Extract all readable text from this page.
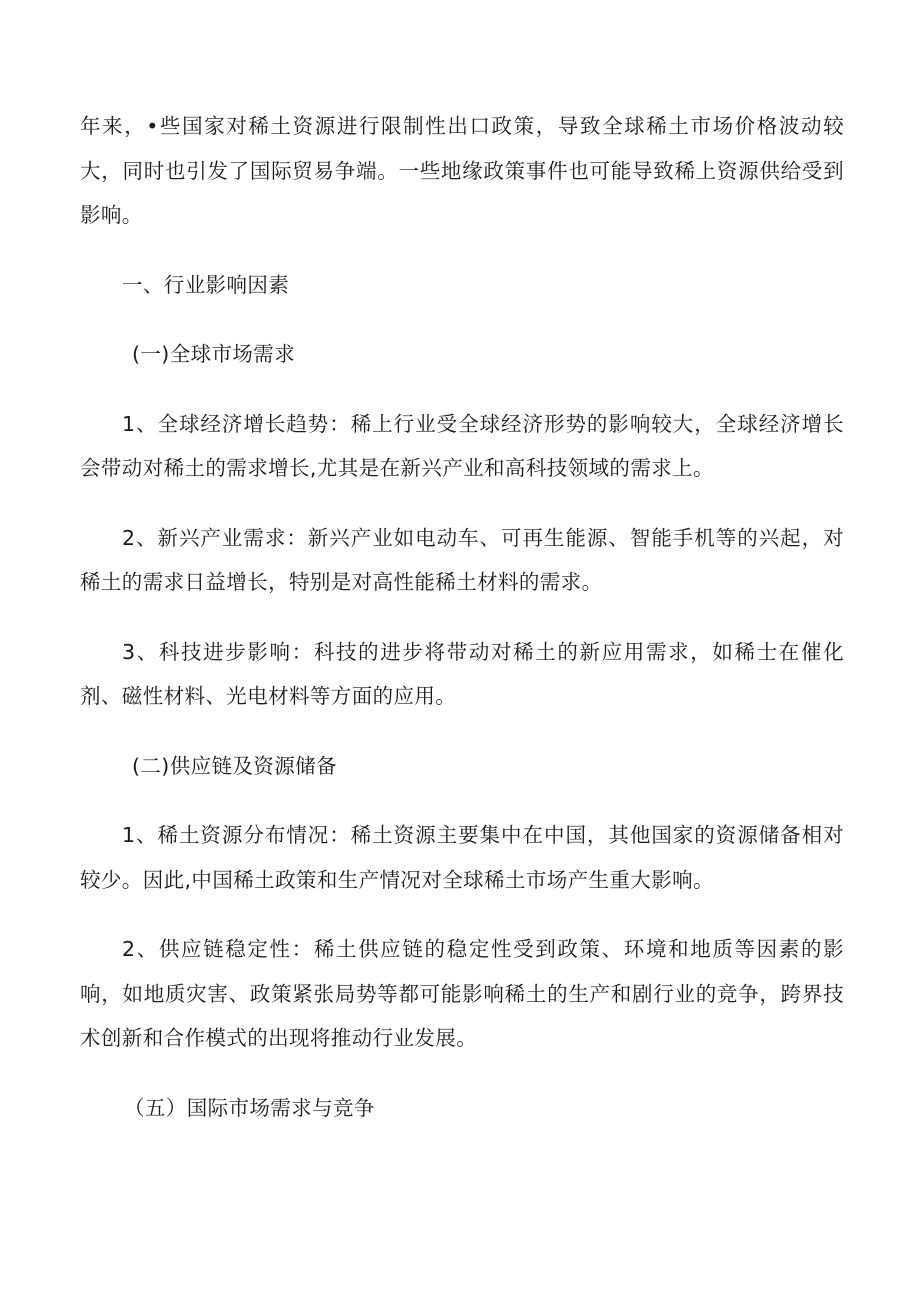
年来，•些国家对稀土资源进行限制性出口政策，导致全球稀土市场价格波动较大，同时也引发了国际贸易争端。一些地缘政策事件也可能导致稀上资源供给受到影响。

一、行业影响因素

(一)全球市场需求

1、全球经济增长趋势：稀上行业受全球经济形势的影响较大，全球经济增长会带动对稀土的需求增长,尤其是在新兴产业和高科技领域的需求上。

2、新兴产业需求：新兴产业如电动车、可再生能源、智能手机等的兴起，对稀土的需求日益增长，特别是对高性能稀土材料的需求。

3、科技进步影响：科技的进步将带动对稀土的新应用需求，如稀士在催化剂、磁性材料、光电材料等方面的应用。

(二)供应链及资源储备

1、稀土资源分布情况：稀土资源主要集中在中国，其他国家的资源储备相对较少。因此,中国稀土政策和生产情况对全球稀土市场产生重大影响。

2、供应链稳定性：稀土供应链的稳定性受到政策、环境和地质等因素的影响，如地质灾害、政策紧张局势等都可能影响稀土的生产和剧行业的竞争，跨界技术创新和合作模式的出现将推动行业发展。

（五）国际市场需求与竞争
